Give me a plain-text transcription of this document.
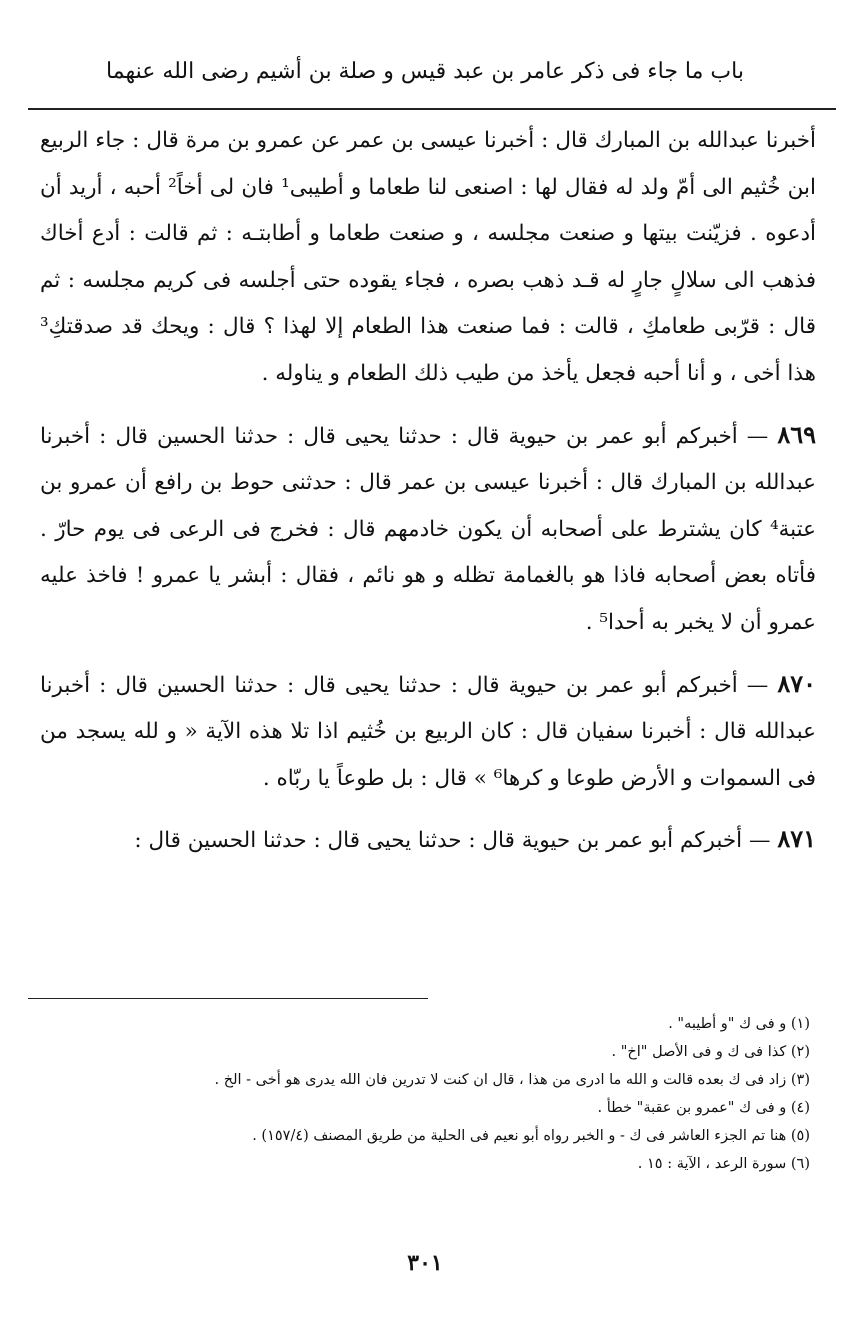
باب ما جاء فى ذكر عامر بن عبد قيس و صلة بن أشيم رضى الله عنهما

أخبرنا عبدالله بن المبارك قال : أخبرنا عيسى بن عمر عن عمرو بن مرة قال : جاء الربيع ابن خُثيم الى أمّ ولد له فقال لها : اصنعى لنا طعاما و أطيبى¹ فان لى أخاً² أحبه ، أريد أن أدعوه . فزيّنت بيتها و صنعت مجلسه ، و صنعت طعاما و أطابتـه : ثم قالت : أدع أخاك فذهب الى سلالٍ جارٍ له قـد ذهب بصره ، فجاء يقوده حتى أجلسه فى كريم مجلسه : ثم قال : قرّبى طعامكِ ، قالت : فما صنعت هذا الطعام إلا لهذا ؟ قال : ويحك قد صدقتكِ³ هذا أخى ، و أنا أحبه فجعل يأخذ من طيب ذلك الطعام و يناوله .

٨٦٩ — أخبركم أبو عمر بن حيوية قال : حدثنا يحيى قال : حدثنا الحسين قال : أخبرنا عبدالله بن المبارك قال : أخبرنا عيسى بن عمر قال : حدثنى حوط بن رافع أن عمرو بن عتبة⁴ كان يشترط على أصحابه أن يكون خادمهم قال : فخرج فى الرعى فى يوم حارّ . فأتاه بعض أصحابه فاذا هو بالغمامة تظله و هو نائم ، فقال : أبشر يا عمرو ! فاخذ عليه عمرو أن لا يخبر به أحدا⁵ .

٨٧٠ — أخبركم أبو عمر بن حيوية قال : حدثنا يحيى قال : حدثنا الحسين قال : أخبرنا عبدالله قال : أخبرنا سفيان قال : كان الربيع بن خُثيم اذا تلا هذه الآية « و لله يسجد من فى السموات و الأرض طوعا و كرها⁶ » قال : بل طوعاً يا ربّاه .

٨٧١ — أخبركم أبو عمر بن حيوية قال : حدثنا يحيى قال : حدثنا الحسين قال :

(١) و فى ك "و أطيبه" .
(٢) كذا فى ك و فى الأصل "اخ" .
(٣) زاد فى ك بعده قالت و الله ما ادرى من هذا ، قال ان كنت لا تدرين فان الله يدرى هو أخى - الخ .
(٤) و فى ك "عمرو بن عقبة" خطأ .
(٥) هنا تم الجزء العاشر فى ك - و الخبر رواه أبو نعيم فى الحلية من طريق المصنف (١٥٧/٤) .
(٦) سورة الرعد ، الآية : ١٥ .
٣٠١
